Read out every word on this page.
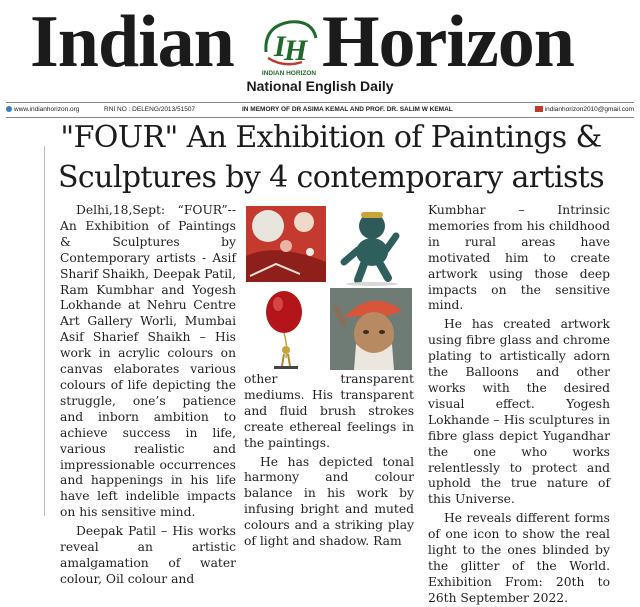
Indian I
H
INDIAN HORIZON Horizon
National English Daily
www.indianhorizon.org	RNI NO : DELENG/2013/51507	IN MEMORY OF DR ASIMA KEMAL AND PROF. DR. SALIM W KEMAL	indianhorizon2010@gmail.com
"FOUR" An Exhibition of Paintings & Sculptures by 4 contemporary artists

Delhi,18,Sept: “FOUR”--An Exhibition of Paintings & Sculptures by Contemporary artists - Asif Sharif Shaikh, Deepak Patil, Ram Kumbhar and Yogesh Lokhande at Nehru Centre Art Gallery Worli, Mumbai Asif Sharief Shaikh – His work in acrylic colours on canvas elaborates various colours of life depicting the struggle, one’s patience and inborn ambition to achieve success in life, various realistic and impressionable occurrences and happenings in his life have left indelible impacts on his sensitive mind.

Deepak Patil – His works reveal an artistic amalgamation of water colour, Oil colour and

other transparent mediums. His transparent and fluid brush strokes create ethereal feelings in the paintings.

He has depicted tonal harmony and colour balance in his work by infusing bright and muted colours and a striking play of light and shadow. Ram

Kumbhar – Intrinsic memories from his childhood in rural areas have motivated him to create artwork using those deep impacts on the sensitive mind.

He has created artwork using fibre glass and chrome plating to artistically adorn the Balloons and other works with the desired visual effect. Yogesh Lokhande – His sculptures in fibre glass depict Yugandhar the one who works relentlessly to protect and uphold the true nature of this Universe.

He reveals different forms of one icon to show the real light to the ones blinded by the glitter of the World. Exhibition From: 20th to 26th September 2022.
